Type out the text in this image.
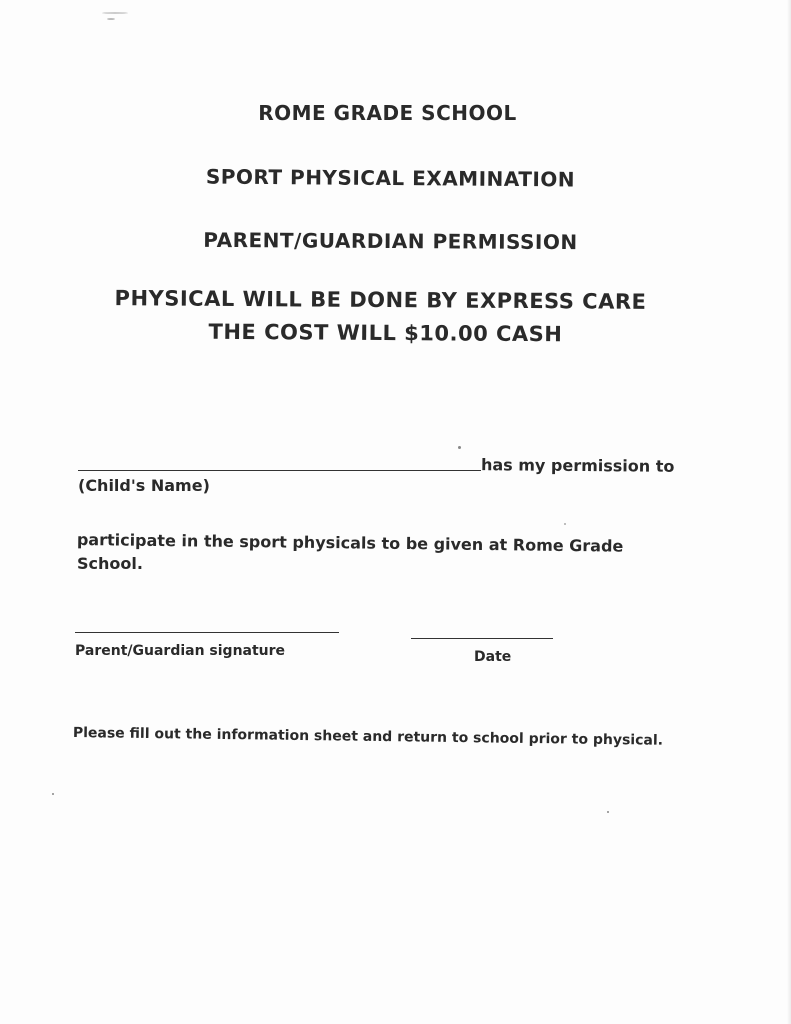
ROME GRADE SCHOOL
SPORT PHYSICAL EXAMINATION
PARENT/GUARDIAN PERMISSION
PHYSICAL WILL BE DONE BY EXPRESS CARE
THE COST WILL $10.00 CASH
has my permission to
(Child's Name)
participate in the sport physicals to be given at Rome Grade
School.
Parent/Guardian signature	Date
Please fill out the information sheet and return to school prior to physical.
